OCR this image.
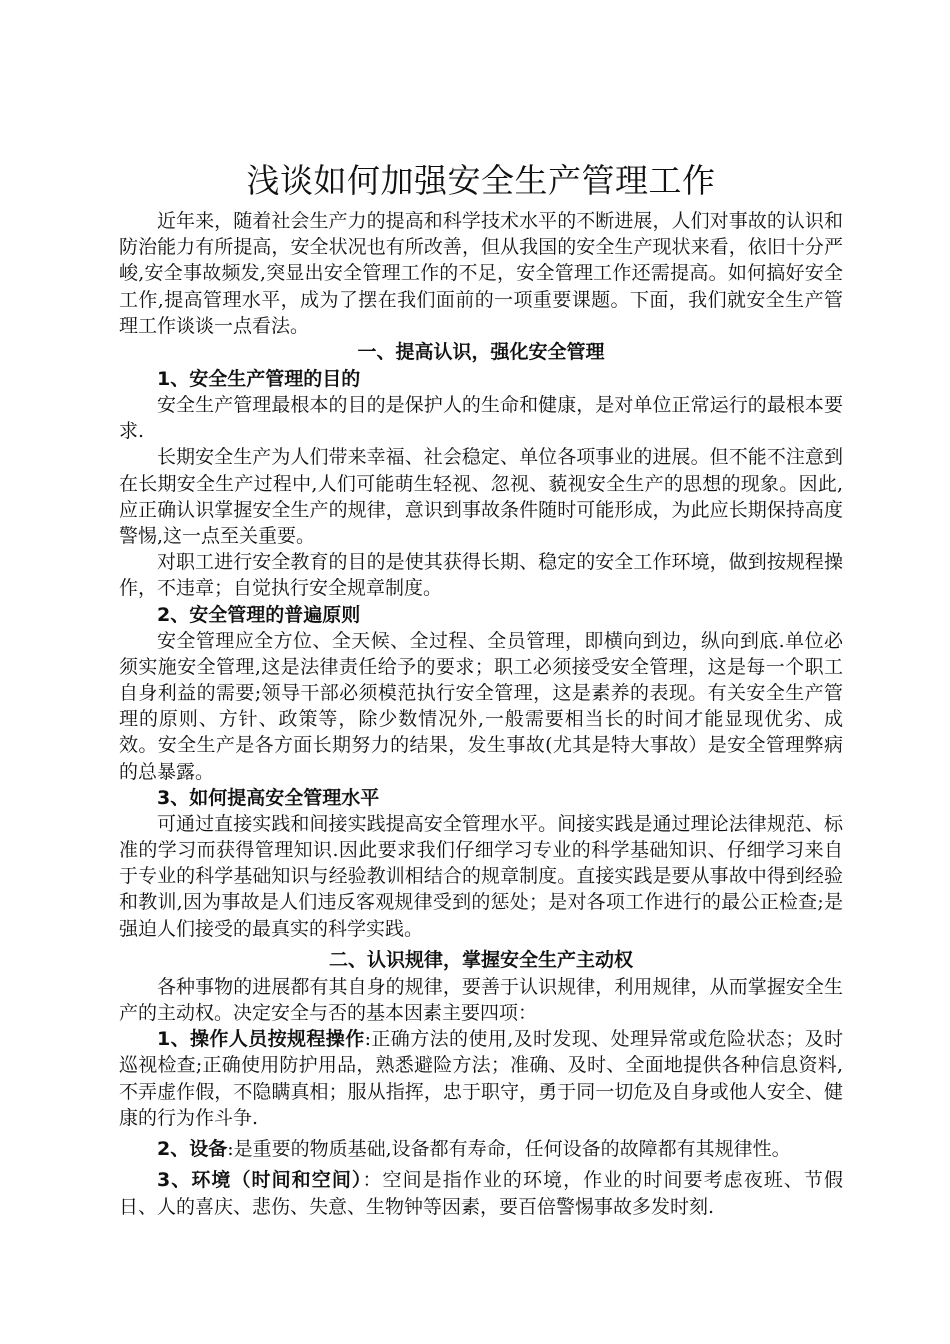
浅谈如何加强安全生产管理工作

近年来，随着社会生产力的提高和科学技术水平的不断进展，人们对事故的认识和防治能力有所提高，安全状况也有所改善，但从我国的安全生产现状来看，依旧十分严峻,安全事故频发,突显出安全管理工作的不足，安全管理工作还需提高。如何搞好安全工作,提高管理水平，成为了摆在我们面前的一项重要课题。下面，我们就安全生产管理工作谈谈一点看法。

一、提高认识，强化安全管理
1、安全生产管理的目的

安全生产管理最根本的目的是保护人的生命和健康，是对单位正常运行的最根本要求.

长期安全生产为人们带来幸福、社会稳定、单位各项事业的进展。但不能不注意到在长期安全生产过程中,人们可能萌生轻视、忽视、藐视安全生产的思想的现象。因此,应正确认识掌握安全生产的规律，意识到事故条件随时可能形成，为此应长期保持高度警惕,这一点至关重要。

对职工进行安全教育的目的是使其获得长期、稳定的安全工作环境，做到按规程操作，不违章；自觉执行安全规章制度。

2、安全管理的普遍原则

安全管理应全方位、全天候、全过程、全员管理，即横向到边，纵向到底.单位必须实施安全管理,这是法律责任给予的要求；职工必须接受安全管理，这是每一个职工自身利益的需要;领导干部必须模范执行安全管理，这是素养的表现。有关安全生产管理的原则、方针、政策等，除少数情况外,一般需要相当长的时间才能显现优劣、成效。安全生产是各方面长期努力的结果，发生事故(尤其是特大事故）是安全管理弊病的总暴露。

3、如何提高安全管理水平

可通过直接实践和间接实践提高安全管理水平。间接实践是通过理论法律规范、标准的学习而获得管理知识.因此要求我们仔细学习专业的科学基础知识、仔细学习来自于专业的科学基础知识与经验教训相结合的规章制度。直接实践是要从事故中得到经验和教训,因为事故是人们违反客观规律受到的惩处；是对各项工作进行的最公正检查;是强迫人们接受的最真实的科学实践。

二、认识规律，掌握安全生产主动权

各种事物的进展都有其自身的规律，要善于认识规律，利用规律，从而掌握安全生产的主动权。决定安全与否的基本因素主要四项：

1、操作人员按规程操作:正确方法的使用,及时发现、处理异常或危险状态；及时巡视检查;正确使用防护用品，熟悉避险方法；准确、及时、全面地提供各种信息资料,不弄虚作假，不隐瞒真相；服从指挥，忠于职守，勇于同一切危及自身或他人安全、健康的行为作斗争.

2、设备:是重要的物质基础,设备都有寿命，任何设备的故障都有其规律性。

3、环境（时间和空间）：空间是指作业的环境，作业的时间要考虑夜班、节假日、人的喜庆、悲伤、失意、生物钟等因素，要百倍警惕事故多发时刻.
